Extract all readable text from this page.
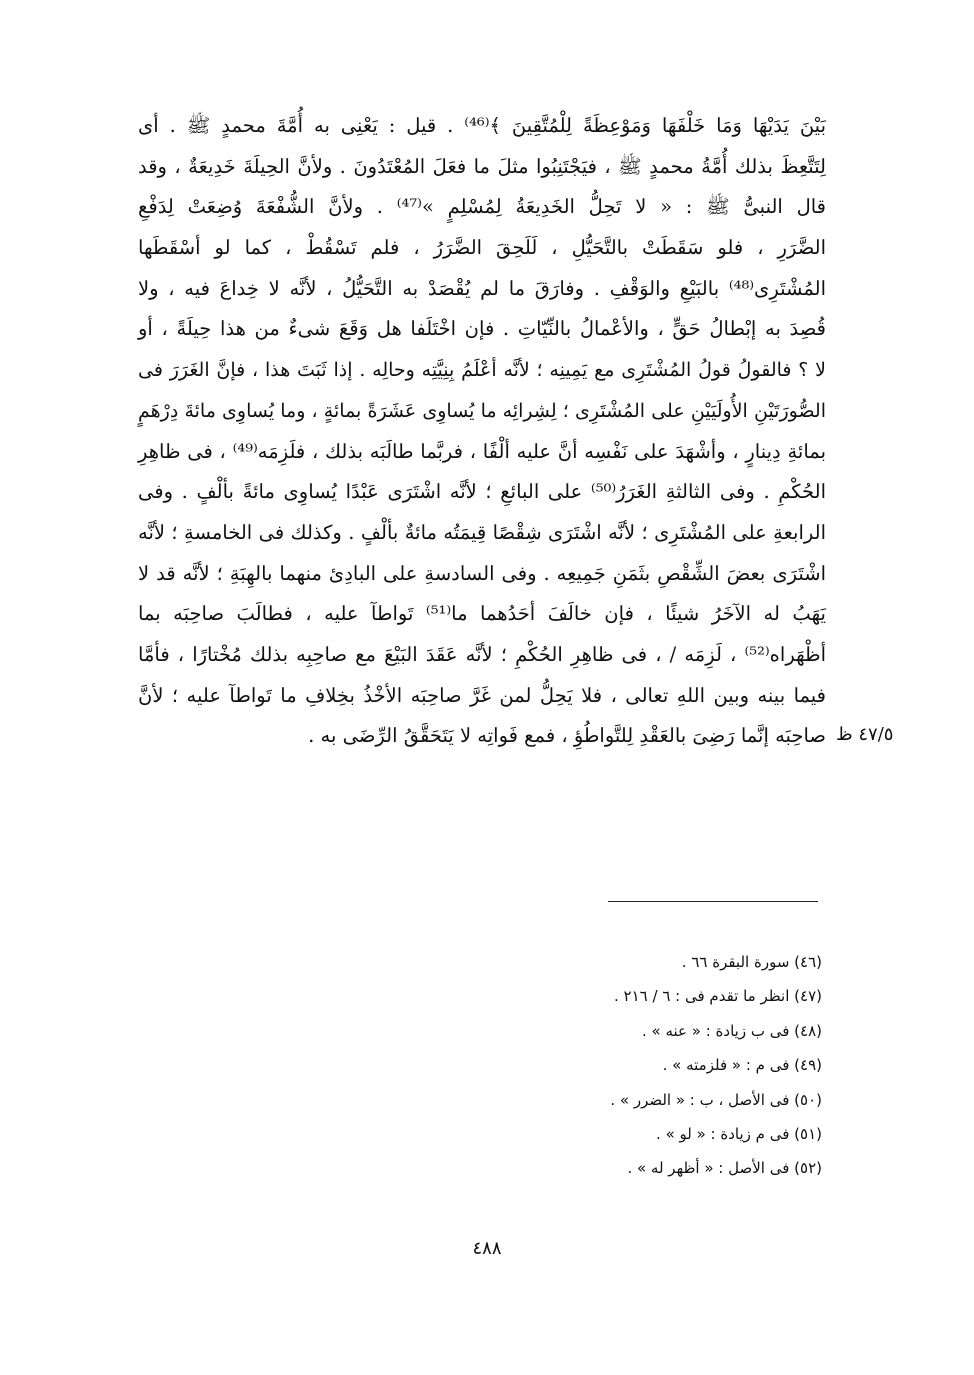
بَيْنَ يَدَيْهَا وَمَا خَلْفَهَا وَمَوْعِظَةً لِلْمُتَّقِينَ ﴾⁽⁴⁶⁾ . قيل : يَعْنِى به أُمَّةَ محمدٍ ﷺ . أى
لِتَتَّعِظَ بذلك أُمَّةُ محمدٍ ﷺ ، فيَجْتَنِبُوا مثلَ ما فعَلَ المُعْتَدُونَ . ولأنَّ الحِيلَةَ خَدِيعَةٌ ، وقد
قال النبىُّ ﷺ : « لا تَحِلُّ الخَدِيعَةُ لِمُسْلِمٍ »⁽⁴⁷⁾ . ولأنَّ الشُّفْعَةَ وُضِعَتْ لِدَفْعِ
الضَّرَرِ ، فلو سَقَطَتْ بالتَّحَيُّلِ ، لَلَحِقَ الضَّرَرُ ، فلم تَسْقُطْ ، كما لو أسْقَطَها
المُشْتَرِى⁽⁴⁸⁾ بالبَيْعِ والوَقْفِ . وفارَقَ ما لم يُقْصَدْ به التَّحَيُّلُ ، لأنَّه لا خِداعَ فيه ، ولا
قُصِدَ به إبْطالُ حَقٍّ ، والأعْمالُ بالنِّيّاتِ . فإن اخْتَلَفا هل وَقَعَ شىءٌ من هذا حِيلَةً ، أو
لا ؟ فالقولُ قولُ المُشْتَرِى مع يَمِينِه ؛ لأنَّه أعْلَمُ بِنِيَّتِه وحالِه . إذا ثَبَتَ هذا ، فإنَّ الغَرَرَ فى
الصُّورَتَيْنِ الأُولَيَيْنِ على المُشْتَرِى ؛ لِشِرائِه ما يُساوِى عَشَرَةً بمائةٍ ، وما يُساوِى مائةَ دِرْهَمٍ
بمائةِ دِينارٍ ، وأشْهَدَ على نَفْسِه أنَّ عليه ألْفًا ، فربَّما طالَبَه بذلك ، فلَزِمَه⁽⁴⁹⁾ ، فى ظاهِرِ
الحُكْمِ . وفى الثالثةِ الغَرَرُ⁽⁵⁰⁾ على البائعِ ؛ لأنَّه اشْتَرَى عَبْدًا يُساوِى مائةً بألْفٍ . وفى
الرابعةِ على المُشْتَرِى ؛ لأنَّه اشْتَرَى شِقْصًا قِيمَتُه مائةٌ بألْفٍ . وكذلك فى الخامسةِ ؛ لأنَّه
اشْتَرَى بعضَ الشِّقْصِ بثَمَنِ جَمِيعِه . وفى السادسةِ على البادِئ منهما بالهِبَةِ ؛ لأنَّه قد لا
يَهَبُ له الآخَرُ شيئًا ، فإن خالَفَ أحَدُهما ما⁽⁵¹⁾ تَواطآ عليه ، فطالَبَ صاحِبَه بما
أظْهَراه⁽⁵²⁾ ، لَزِمَه / ، فى ظاهِرِ الحُكْمِ ؛ لأنَّه عَقَدَ البَيْعَ مع صاحِبِه بذلك مُخْتارًا ، فأمَّا
فيما بينه وبين اللهِ تعالى ، فلا يَحِلُّ لمن غَرَّ صاحِبَه الأخْذُ بخِلافِ ما تَواطآ عليه ؛ لأنَّ
صاحِبَه إنَّما رَضِىَ بالعَقْدِ لِلتَّواطُؤِ ، فمع فَواتِه لا يَتَحَقَّقُ الرِّضَى به . ٤٧/٥ ظ
(٤٦) سورة البقرة ٦٦ .
(٤٧) انظر ما تقدم فى : ٦ / ٢١٦ .
(٤٨) فى ب زيادة : « عنه » .
(٤٩) فى م : « فلزمته » .
(٥٠) فى الأصل ، ب : « الضرر » .
(٥١) فى م زيادة : « لو » .
(٥٢) فى الأصل : « أظهر له » .
٤٨٨
